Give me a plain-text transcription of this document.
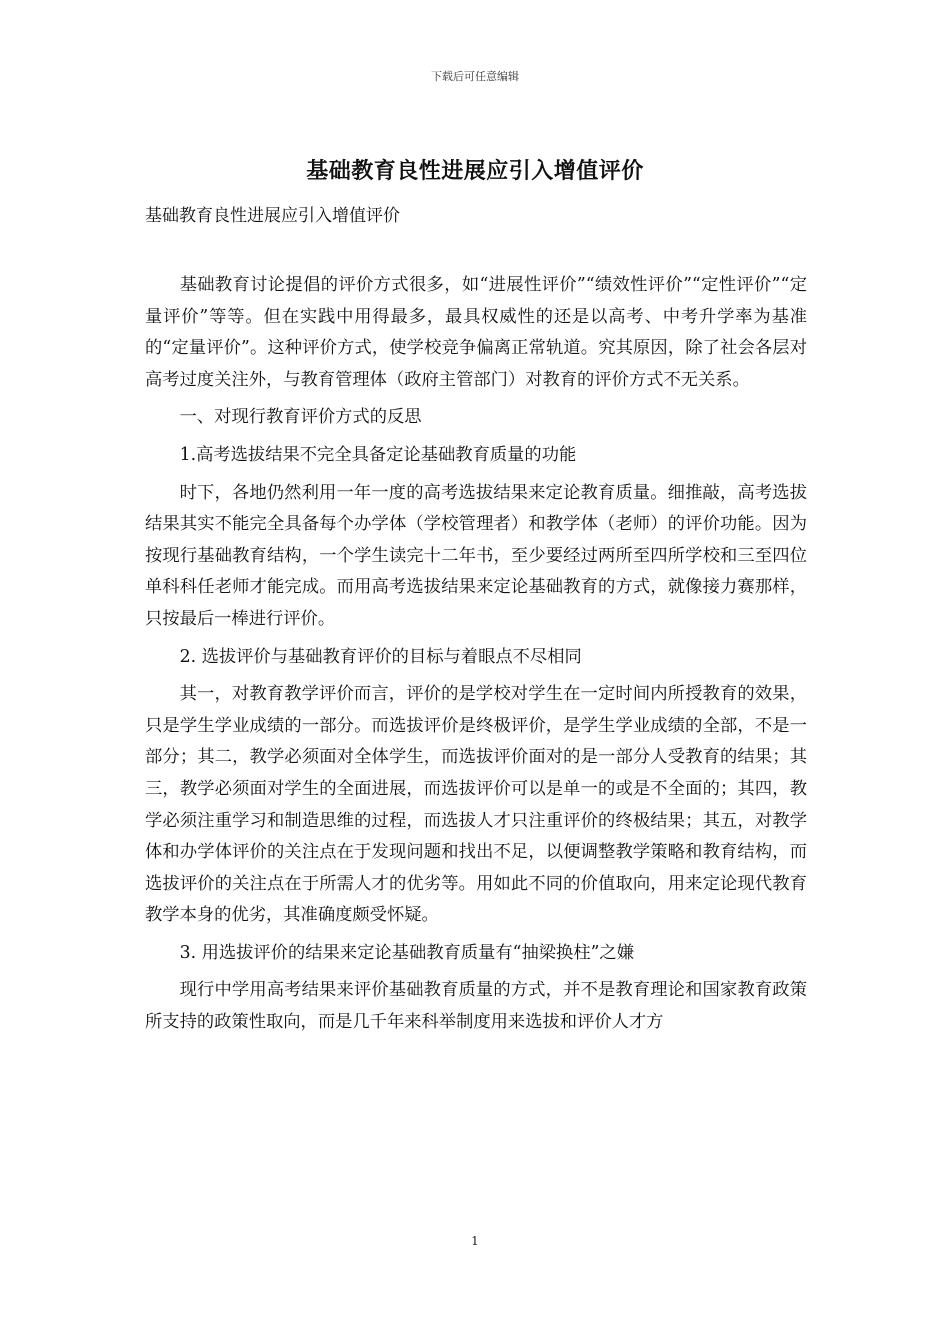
下载后可任意编辑
基础教育良性进展应引入增值评价
基础教育良性进展应引入增值评价

基础教育讨论提倡的评价方式很多，如“进展性评价”“绩效性评价”“定性评价”“定量评价”等等。但在实践中用得最多，最具权威性的还是以高考、中考升学率为基准的“定量评价”。这种评价方式，使学校竞争偏离正常轨道。究其原因，除了社会各层对高考过度关注外，与教育管理体（政府主管部门）对教育的评价方式不无关系。

一、对现行教育评价方式的反思

1.高考选拔结果不完全具备定论基础教育质量的功能

时下，各地仍然利用一年一度的高考选拔结果来定论教育质量。细推敲，高考选拔结果其实不能完全具备每个办学体（学校管理者）和教学体（老师）的评价功能。因为按现行基础教育结构，一个学生读完十二年书，至少要经过两所至四所学校和三至四位单科科任老师才能完成。而用高考选拔结果来定论基础教育的方式，就像接力赛那样，只按最后一棒进行评价。

2. 选拔评价与基础教育评价的目标与着眼点不尽相同

其一，对教育教学评价而言，评价的是学校对学生在一定时间内所授教育的效果，只是学生学业成绩的一部分。而选拔评价是终极评价，是学生学业成绩的全部，不是一部分；其二，教学必须面对全体学生，而选拔评价面对的是一部分人受教育的结果；其三，教学必须面对学生的全面进展，而选拔评价可以是单一的或是不全面的；其四，教学必须注重学习和制造思维的过程，而选拔人才只注重评价的终极结果；其五，对教学体和办学体评价的关注点在于发现问题和找出不足，以便调整教学策略和教育结构，而选拔评价的关注点在于所需人才的优劣等。用如此不同的价值取向，用来定论现代教育教学本身的优劣，其准确度颇受怀疑。

3. 用选拔评价的结果来定论基础教育质量有“抽梁换柱”之嫌

现行中学用高考结果来评价基础教育质量的方式，并不是教育理论和国家教育政策所支持的政策性取向，而是几千年来科举制度用来选拔和评价人才方

1
